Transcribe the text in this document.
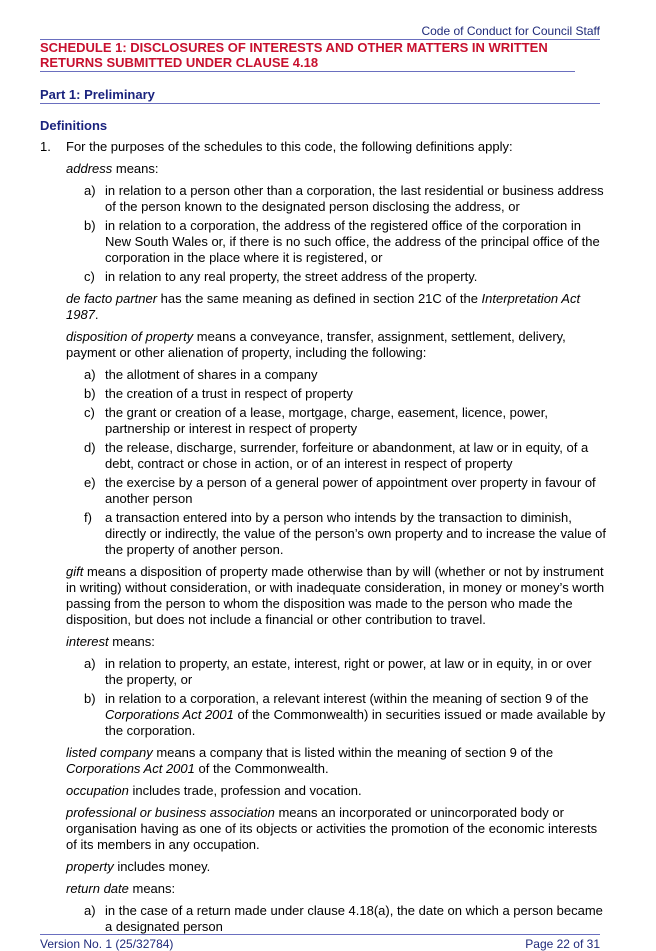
Code of Conduct for Council Staff
SCHEDULE 1: DISCLOSURES OF INTERESTS AND OTHER MATTERS IN WRITTEN RETURNS SUBMITTED UNDER CLAUSE 4.18
Part 1: Preliminary
Definitions

1. For the purposes of the schedules to this code, the following definitions apply:

address means:

a) in relation to a person other than a corporation, the last residential or business address of the person known to the designated person disclosing the address, or
b) in relation to a corporation, the address of the registered office of the corporation in New South Wales or, if there is no such office, the address of the principal office of the corporation in the place where it is registered, or
c) in relation to any real property, the street address of the property.

de facto partner has the same meaning as defined in section 21C of the Interpretation Act 1987.

disposition of property means a conveyance, transfer, assignment, settlement, delivery, payment or other alienation of property, including the following:

a) the allotment of shares in a company
b) the creation of a trust in respect of property
c) the grant or creation of a lease, mortgage, charge, easement, licence, power, partnership or interest in respect of property
d) the release, discharge, surrender, forfeiture or abandonment, at law or in equity, of a debt, contract or chose in action, or of an interest in respect of property
e) the exercise by a person of a general power of appointment over property in favour of another person
f) a transaction entered into by a person who intends by the transaction to diminish, directly or indirectly, the value of the person’s own property and to increase the value of the property of another person.

gift means a disposition of property made otherwise than by will (whether or not by instrument in writing) without consideration, or with inadequate consideration, in money or money’s worth passing from the person to whom the disposition was made to the person who made the disposition, but does not include a financial or other contribution to travel.

interest means:

a) in relation to property, an estate, interest, right or power, at law or in equity, in or over the property, or
b) in relation to a corporation, a relevant interest (within the meaning of section 9 of the Corporations Act 2001 of the Commonwealth) in securities issued or made available by the corporation.

listed company means a company that is listed within the meaning of section 9 of the Corporations Act 2001 of the Commonwealth.

occupation includes trade, profession and vocation.

professional or business association means an incorporated or unincorporated body or organisation having as one of its objects or activities the promotion of the economic interests of its members in any occupation.

property includes money.

return date means:

a) in the case of a return made under clause 4.18(a), the date on which a person became a designated person
Version No. 1 (25/32784)	Page 22 of 31
